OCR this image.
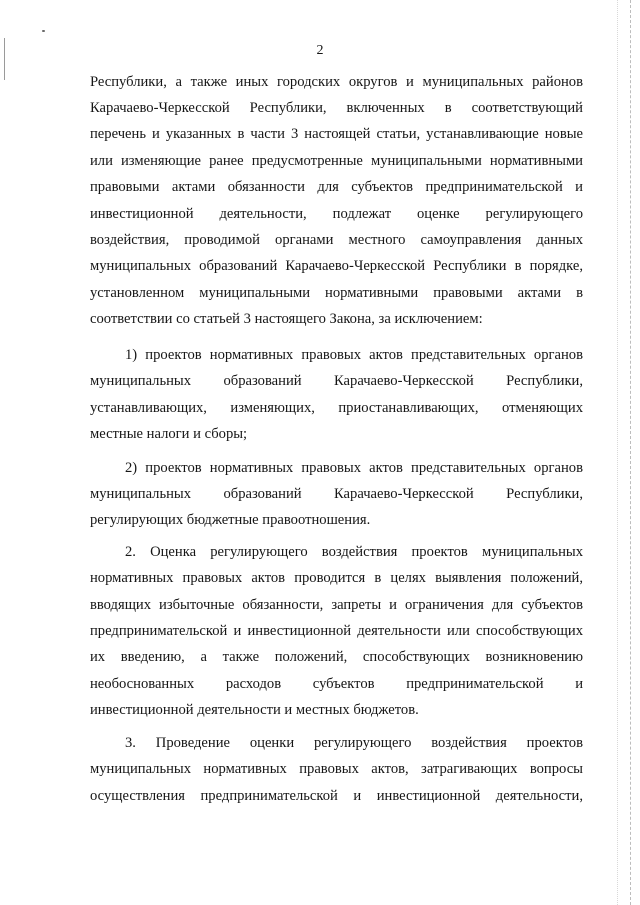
2
Республики, а также иных городских округов и муниципальных районов
Карачаево-Черкесской Республики, включенных в соответствующий
перечень и указанных в части 3 настоящей статьи, устанавливающие новые
или изменяющие ранее предусмотренные муниципальными нормативными
правовыми актами обязанности для субъектов предпринимательской и
инвестиционной деятельности, подлежат оценке регулирующего
воздействия, проводимой органами местного самоуправления данных
муниципальных образований Карачаево-Черкесской Республики в порядке,
установленном муниципальными нормативными правовыми актами в
соответствии со статьей 3 настоящего Закона, за исключением:
1) проектов нормативных правовых актов представительных органов
муниципальных образований Карачаево-Черкесской Республики,
устанавливающих, изменяющих, приостанавливающих, отменяющих
местные налоги и сборы;
2) проектов нормативных правовых актов представительных органов
муниципальных образований Карачаево-Черкесской Республики,
регулирующих бюджетные правоотношения.
2. Оценка регулирующего воздействия проектов муниципальных
нормативных правовых актов проводится в целях выявления положений,
вводящих избыточные обязанности, запреты и ограничения для субъектов
предпринимательской и инвестиционной деятельности или способствующих
их введению, а также положений, способствующих возникновению
необоснованных расходов субъектов предпринимательской и
инвестиционной деятельности и местных бюджетов.
3. Проведение оценки регулирующего воздействия проектов
муниципальных нормативных правовых актов, затрагивающих вопросы
осуществления предпринимательской и инвестиционной деятельности,
